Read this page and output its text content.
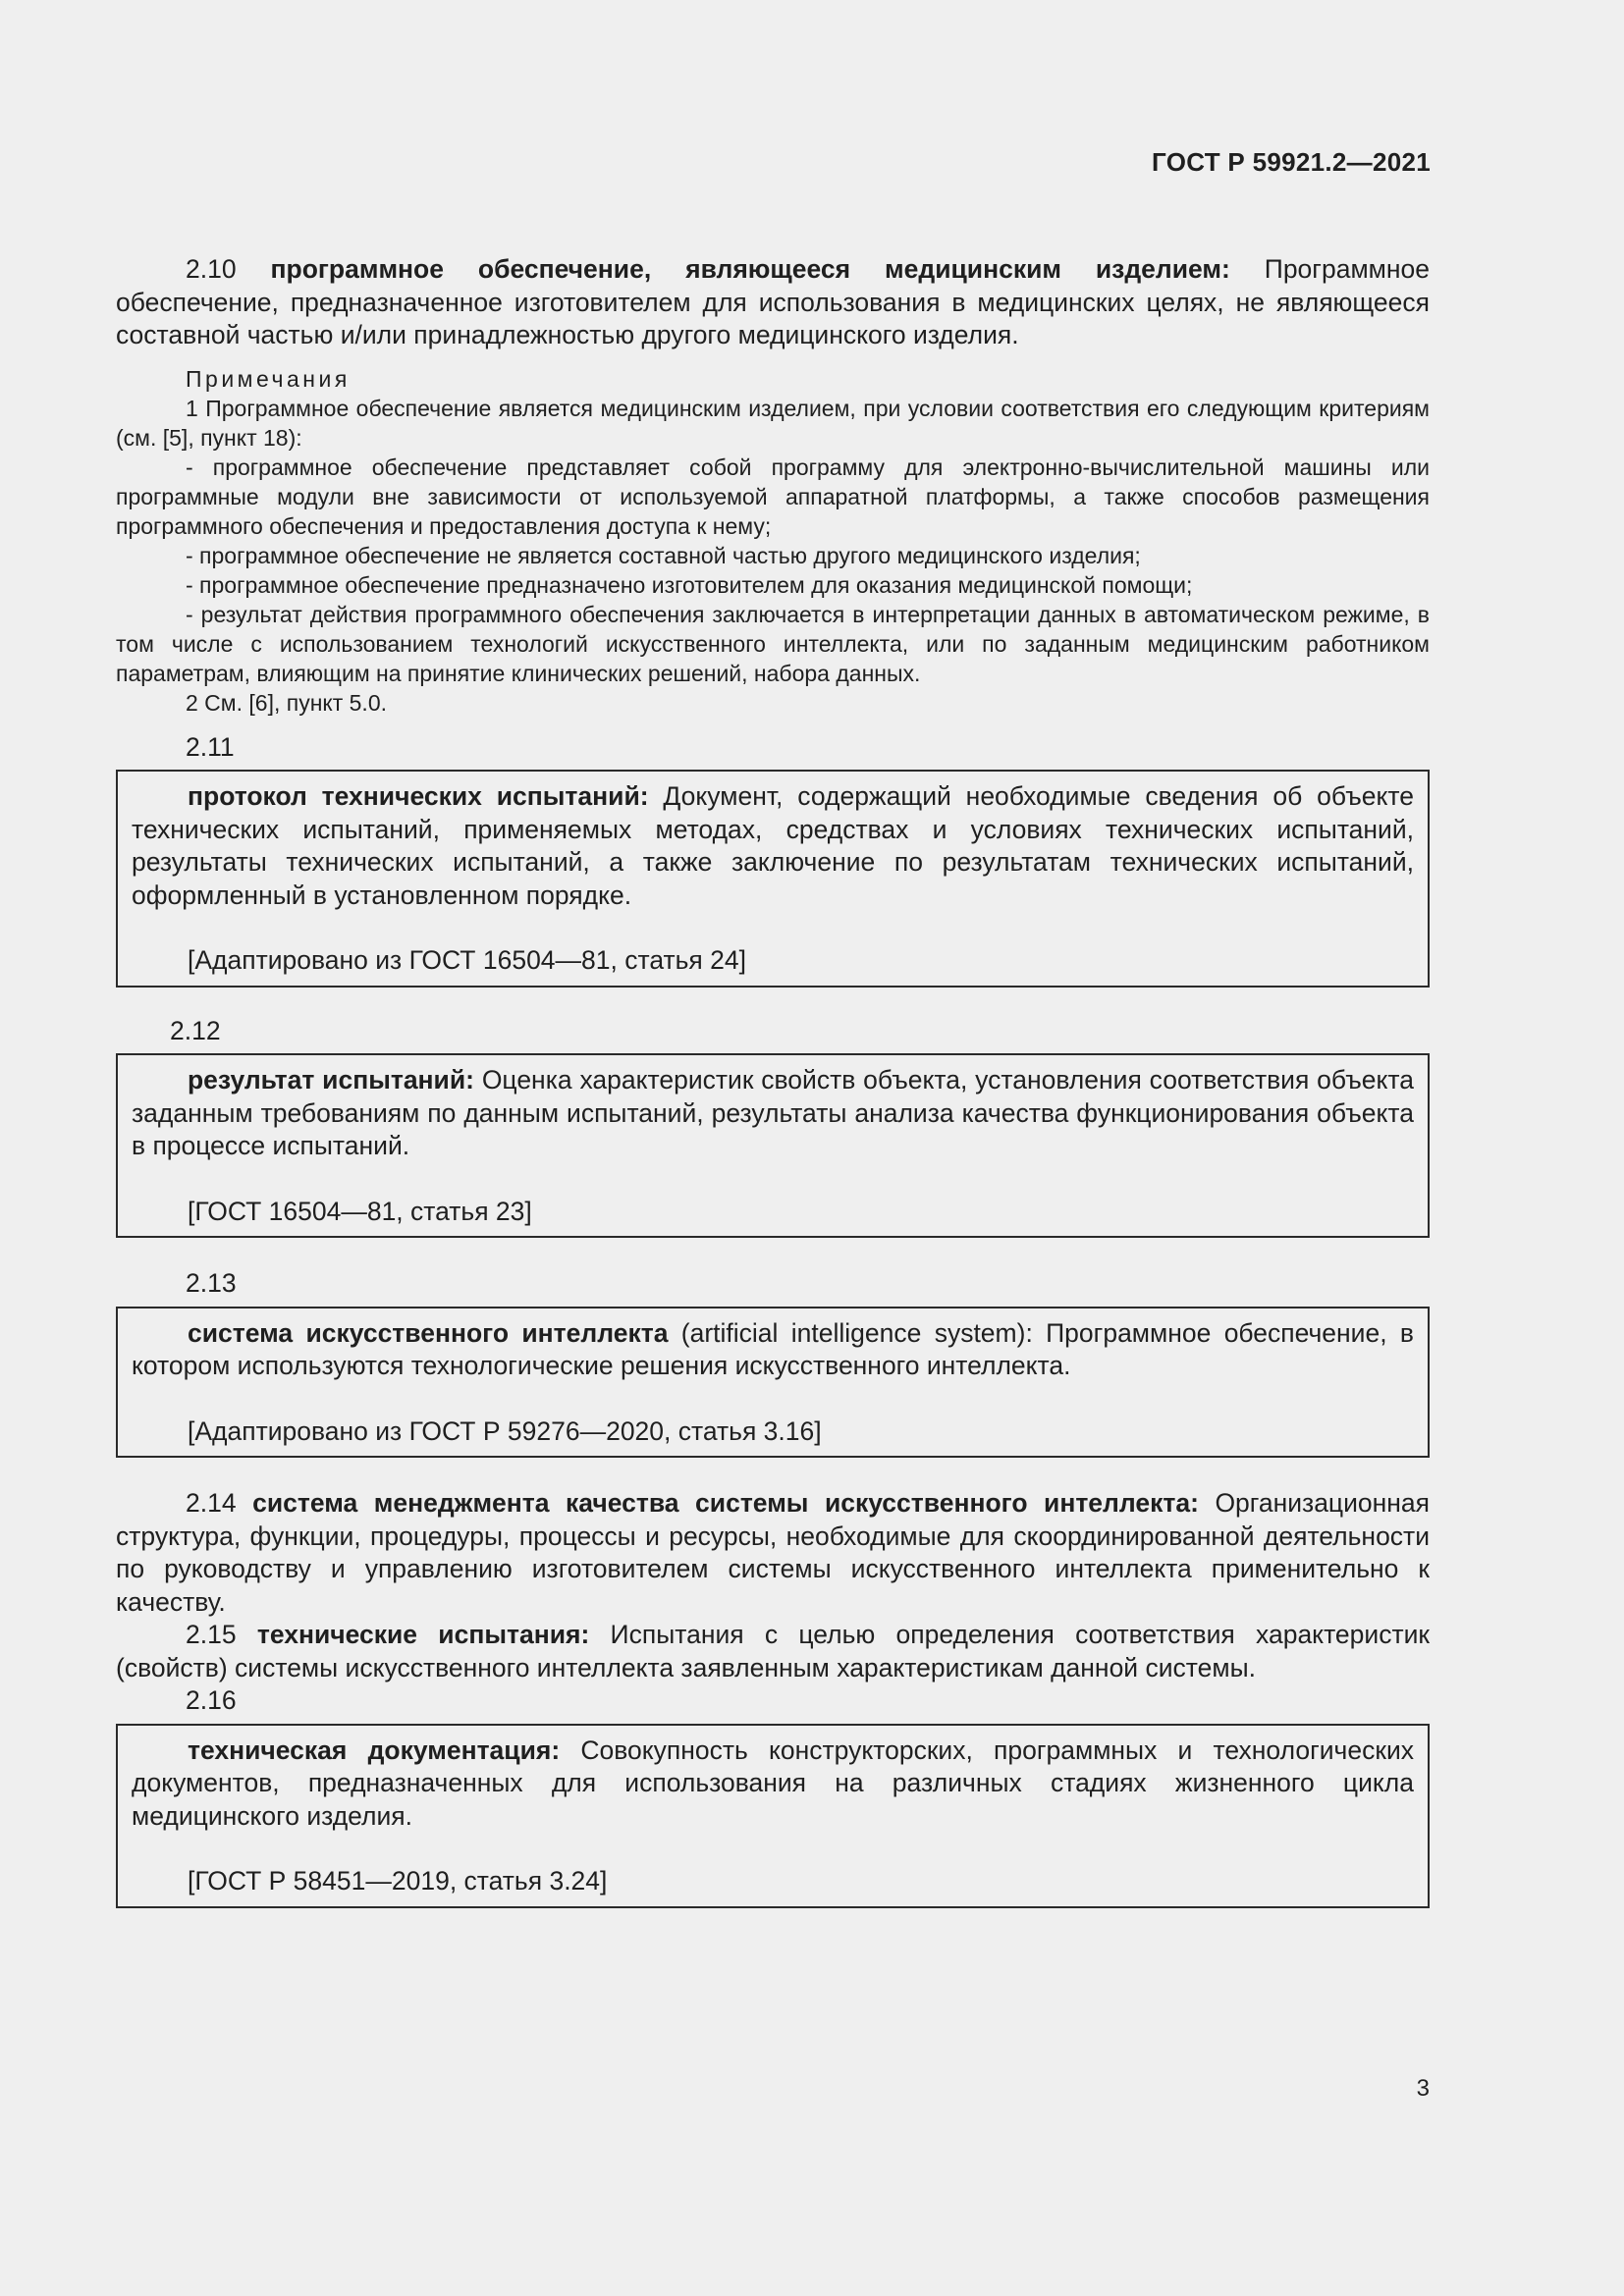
ГОСТ Р 59921.2—2021

2.10 программное обеспечение, являющееся медицинским изделием: Программное обеспечение, предназначенное изготовителем для использования в медицинских целях, не являющееся составной частью и/или принадлежностью другого медицинского изделия.

Примечания

1 Программное обеспечение является медицинским изделием, при условии соответствия его следующим критериям (см. [5], пункт 18):

- программное обеспечение представляет собой программу для электронно-вычислительной машины или программные модули вне зависимости от используемой аппаратной платформы, а также способов размещения программного обеспечения и предоставления доступа к нему;

- программное обеспечение не является составной частью другого медицинского изделия;

- программное обеспечение предназначено изготовителем для оказания медицинской помощи;

- результат действия программного обеспечения заключается в интерпретации данных в автоматическом режиме, в том числе с использованием технологий искусственного интеллекта, или по заданным медицинским работником параметрам, влияющим на принятие клинических решений, набора данных.

2 См. [6], пункт 5.0.

2.11

протокол технических испытаний: Документ, содержащий необходимые сведения об объекте технических испытаний, применяемых методах, средствах и условиях технических испытаний, результаты технических испытаний, а также заключение по результатам технических испытаний, оформленный в установленном порядке.

[Адаптировано из ГОСТ 16504—81, статья 24]

2.12

результат испытаний: Оценка характеристик свойств объекта, установления соответствия объекта заданным требованиям по данным испытаний, результаты анализа качества функционирования объекта в процессе испытаний.

[ГОСТ 16504—81, статья 23]

2.13

система искусственного интеллекта (artificial intelligence system): Программное обеспечение, в котором используются технологические решения искусственного интеллекта.

[Адаптировано из ГОСТ Р 59276—2020, статья 3.16]

2.14 система менеджмента качества системы искусственного интеллекта: Организационная структура, функции, процедуры, процессы и ресурсы, необходимые для скоординированной деятельности по руководству и управлению изготовителем системы искусственного интеллекта применительно к качеству.

2.15 технические испытания: Испытания с целью определения соответствия характеристик (свойств) системы искусственного интеллекта заявленным характеристикам данной системы.

2.16

техническая документация: Совокупность конструкторских, программных и технологических документов, предназначенных для использования на различных стадиях жизненного цикла медицинского изделия.

[ГОСТ Р 58451—2019, статья 3.24]

3
